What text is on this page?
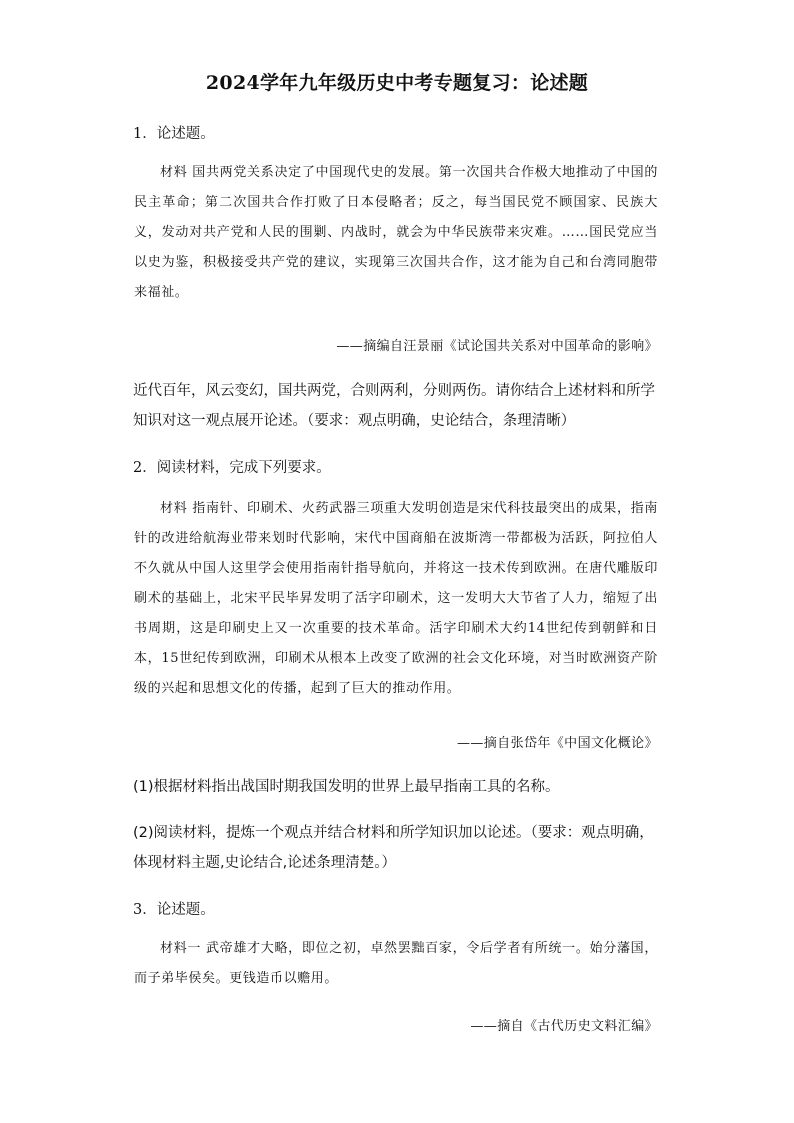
2024学年九年级历史中考专题复习：论述题
1．论述题。
材料 国共两党关系决定了中国现代史的发展。第一次国共合作极大地推动了中国的民主革命；第二次国共合作打败了日本侵略者；反之，每当国民党不顾国家、民族大义，发动对共产党和人民的围剿、内战时，就会为中华民族带来灾难。……国民党应当以史为鉴，积极接受共产党的建议，实现第三次国共合作，这才能为自己和台湾同胞带来福祉。
——摘编自汪景丽《试论国共关系对中国革命的影响》
近代百年，风云变幻，国共两党，合则两利，分则两伤。请你结合上述材料和所学知识对这一观点展开论述。（要求：观点明确，史论结合，条理清晰）
2．阅读材料，完成下列要求。
材料 指南针、印刷术、火药武器三项重大发明创造是宋代科技最突出的成果，指南针的改进给航海业带来划时代影响，宋代中国商船在波斯湾一带都极为活跃，阿拉伯人不久就从中国人这里学会使用指南针指导航向，并将这一技术传到欧洲。在唐代雕版印刷术的基础上，北宋平民毕昇发明了活字印刷术，这一发明大大节省了人力，缩短了出书周期，这是印刷史上又一次重要的技术革命。活字印刷术大约14世纪传到朝鲜和日本，15世纪传到欧洲，印刷术从根本上改变了欧洲的社会文化环境，对当时欧洲资产阶级的兴起和思想文化的传播，起到了巨大的推动作用。
——摘自张岱年《中国文化概论》
(1)根据材料指出战国时期我国发明的世界上最早指南工具的名称。
(2)阅读材料，提炼一个观点并结合材料和所学知识加以论述。（要求：观点明确，体现材料主题,史论结合,论述条理清楚。）
3．论述题。
材料一 武帝雄才大略，即位之初，卓然罢黜百家，令后学者有所统一。始分藩国，而子弟毕侯矣。更钱造币以赡用。
——摘自《古代历史文料汇编》
